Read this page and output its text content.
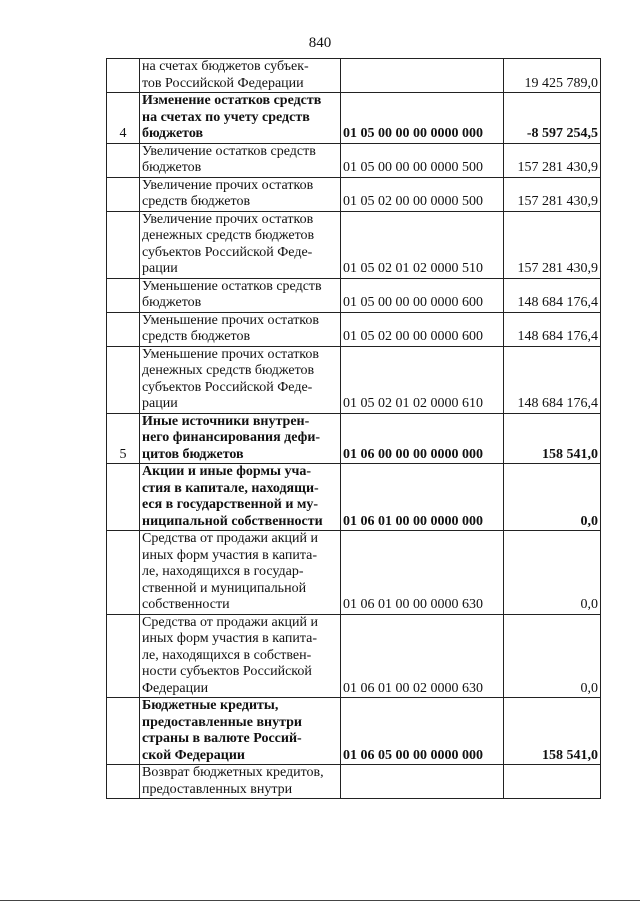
840
	на счетах бюджетов субъек-
тов Российской Федерации		19 425 789,0
4	Изменение остатков средств
на счетах по учету средств
бюджетов	01 05 00 00 00 0000 000	-8 597 254,5
	Увеличение остатков средств
бюджетов	01 05 00 00 00 0000 500	157 281 430,9
	Увеличение прочих остатков
средств бюджетов	01 05 02 00 00 0000 500	157 281 430,9
	Увеличение прочих остатков
денежных средств бюджетов
субъектов Российской Феде-
рации	01 05 02 01 02 0000 510	157 281 430,9
	Уменьшение остатков средств
бюджетов	01 05 00 00 00 0000 600	148 684 176,4
	Уменьшение прочих остатков
средств бюджетов	01 05 02 00 00 0000 600	148 684 176,4
	Уменьшение прочих остатков
денежных средств бюджетов
субъектов Российской Феде-
рации	01 05 02 01 02 0000 610	148 684 176,4
5	Иные источники внутрен-
него финансирования дефи-
цитов бюджетов	01 06 00 00 00 0000 000	158 541,0
	Акции и иные формы уча-
стия в капитале, находящи-
еся в государственной и му-
ниципальной собственности	01 06 01 00 00 0000 000	0,0
	Средства от продажи акций и
иных форм участия в капита-
ле, находящихся в государ-
ственной и муниципальной
собственности	01 06 01 00 00 0000 630	0,0
	Средства от продажи акций и
иных форм участия в капита-
ле, находящихся в собствен-
ности субъектов Российской
Федерации	01 06 01 00 02 0000 630	0,0
	Бюджетные кредиты,
предоставленные внутри
страны в валюте Россий-
ской Федерации	01 06 05 00 00 0000 000	158 541,0
	Возврат бюджетных кредитов,
предоставленных внутри		
